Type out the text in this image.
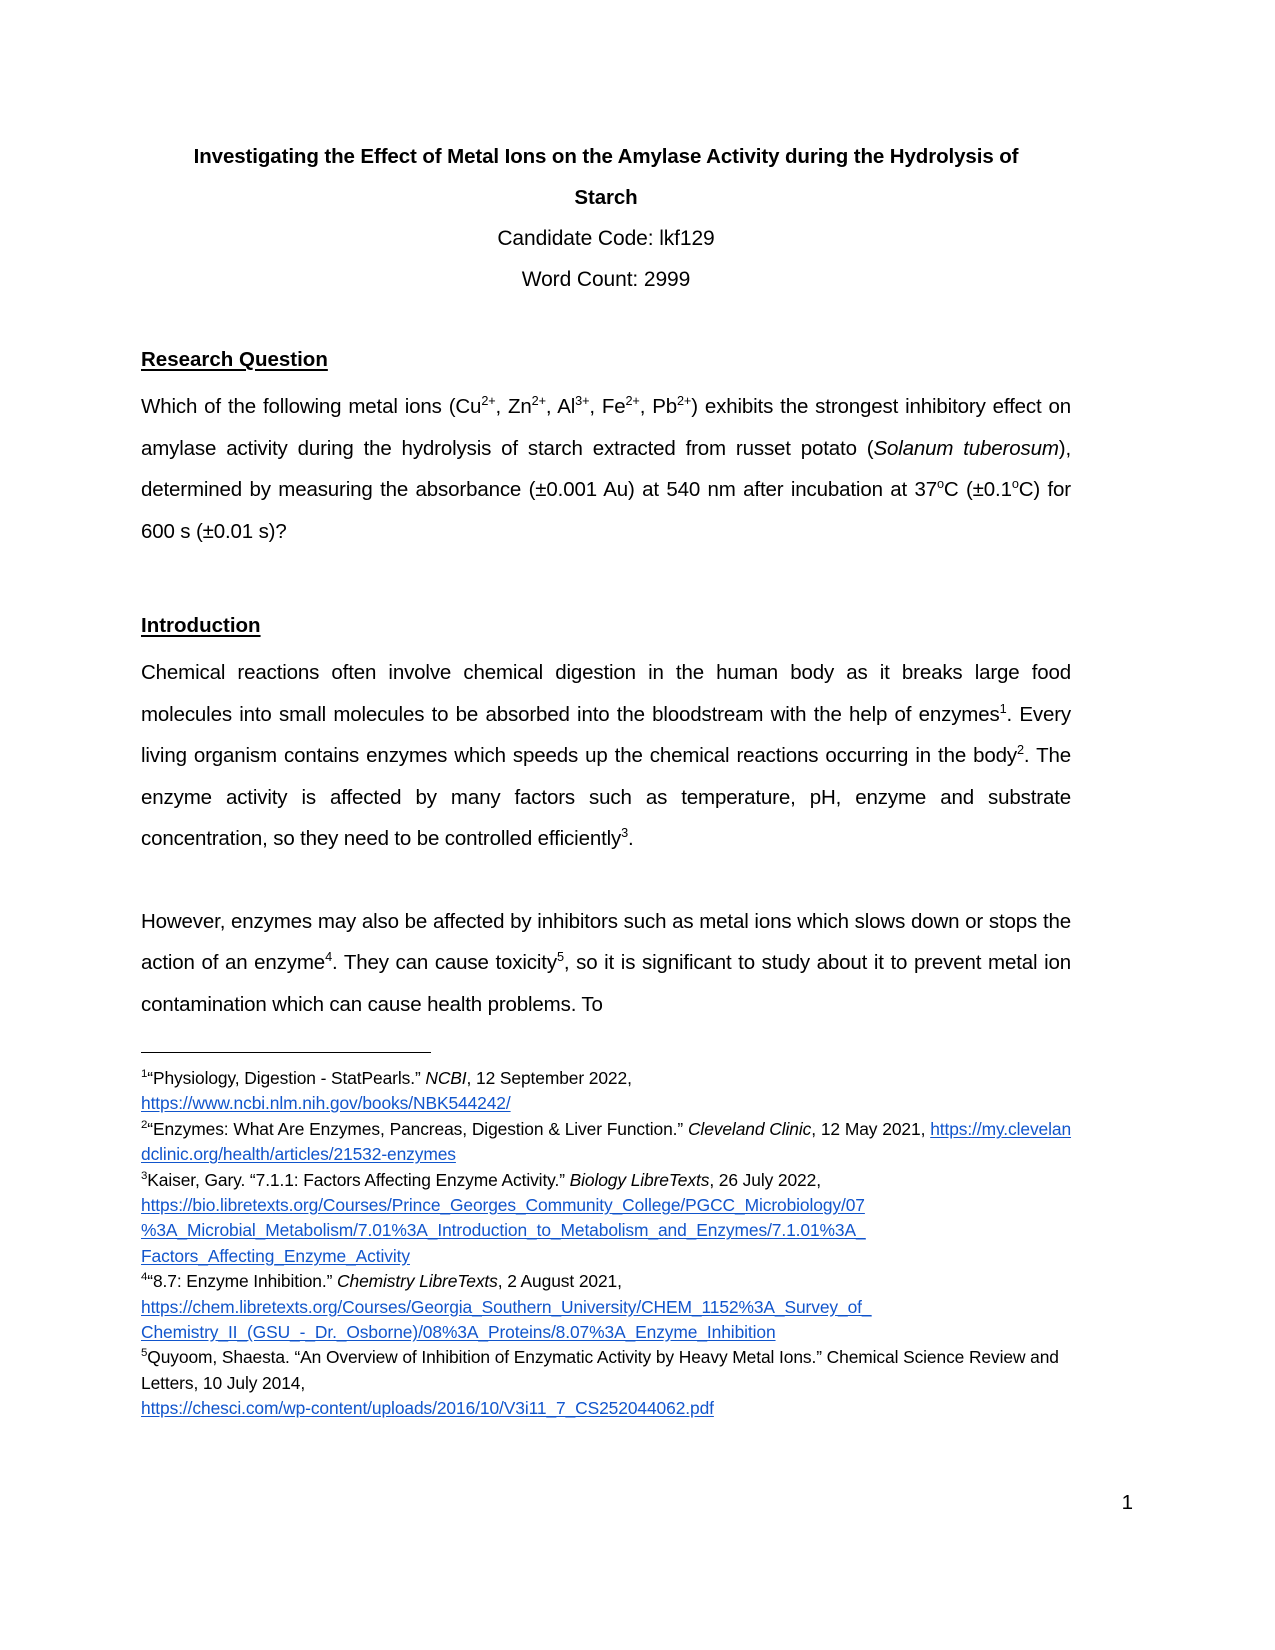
Investigating the Effect of Metal Ions on the Amylase Activity during the Hydrolysis of Starch

Candidate Code: lkf129

Word Count: 2999

Research Question

Which of the following metal ions ($Cu^{2+}$, $Zn^{2+}$, $Al^{3+}$, $Fe^{2+}$, $Pb^{2+}$) exhibits the strongest inhibitory effect on amylase activity during the hydrolysis of starch extracted from russet potato (Solanum tuberosum), determined by measuring the absorbance (±0.001 Au) at 540 nm after incubation at 37$^o$C $(\pm 0.1^oC)$ for 600 s (±0.01 s)?

Introduction

Chemical reactions often involve chemical digestion in the human body as it breaks large food molecules into small molecules to be absorbed into the bloodstream with the help of enzymes$^1$. Every living organism contains enzymes which speeds up the chemical reactions occurring in the body$^2$. The enzyme activity is affected by many factors such as temperature, pH, enzyme and substrate concentration, so they need to be controlled efficiently$^3$.

However, enzymes may also be affected by inhibitors such as metal ions which slows down or stops the action of an enzyme$^4$. They can cause toxicity$^5$, so it is significant to study about it to prevent metal ion contamination which can cause health problems. To

$^1$“Physiology, Digestion - StatPearls.” NCBI, 12 September 2022,
https://www.ncbi.nlm.nih.gov/books/NBK544242/

$^2$“Enzymes: What Are Enzymes, Pancreas, Digestion & Liver Function.” Cleveland Clinic, 12 May 2021, https://my.clevelandclinic.org/health/articles/21532-enzymes

$^3$Kaiser, Gary. “7.1.1: Factors Affecting Enzyme Activity.” Biology LibreTexts, 26 July 2022,

https://bio.libretexts.org/Courses/Prince_Georges_Community_College/PGCC_Microbiology/07
%3A_Microbial_Metabolism/7.01%3A_Introduction_to_Metabolism_and_Enzymes/7.1.01%3A_
Factors_Affecting_Enzyme_Activity

$^4$“8.7: Enzyme Inhibition.” Chemistry LibreTexts, 2 August 2021,

https://chem.libretexts.org/Courses/Georgia_Southern_University/CHEM_1152%3A_Survey_of_
Chemistry_II_(GSU_-_Dr._Osborne)/08%3A_Proteins/8.07%3A_Enzyme_Inhibition

$^5$Quyoom, Shaesta. “An Overview of Inhibition of Enzymatic Activity by Heavy Metal Ions.” Chemical Science Review and Letters, 10 July 2014,
https://chesci.com/wp-content/uploads/2016/10/V3i11_7_CS252044062.pdf

1
